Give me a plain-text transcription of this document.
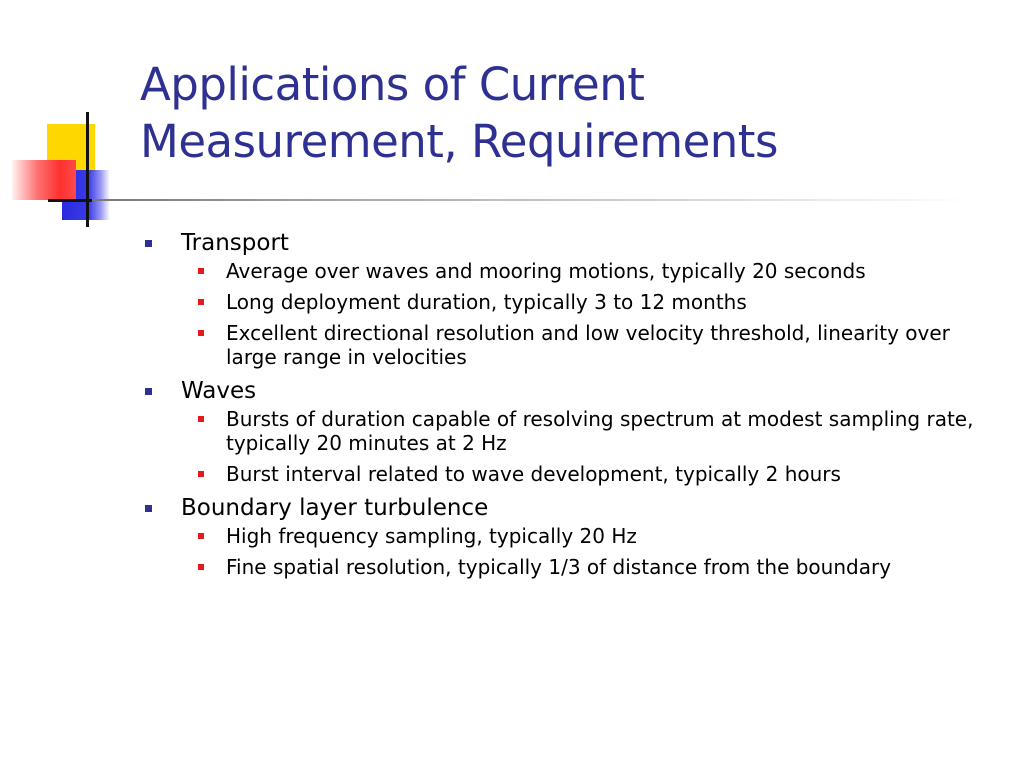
Applications of Current
Measurement, Requirements
Transport
Average over waves and mooring motions, typically 20 seconds
Long deployment duration, typically 3 to 12 months
Excellent directional resolution and low velocity threshold, linearity over large range in velocities
Waves
Bursts of duration capable of resolving spectrum at modest sampling rate, typically 20 minutes at 2 Hz
Burst interval related to wave development, typically 2 hours
Boundary layer turbulence
High frequency sampling, typically 20 Hz
Fine spatial resolution, typically 1/3 of distance from the boundary
